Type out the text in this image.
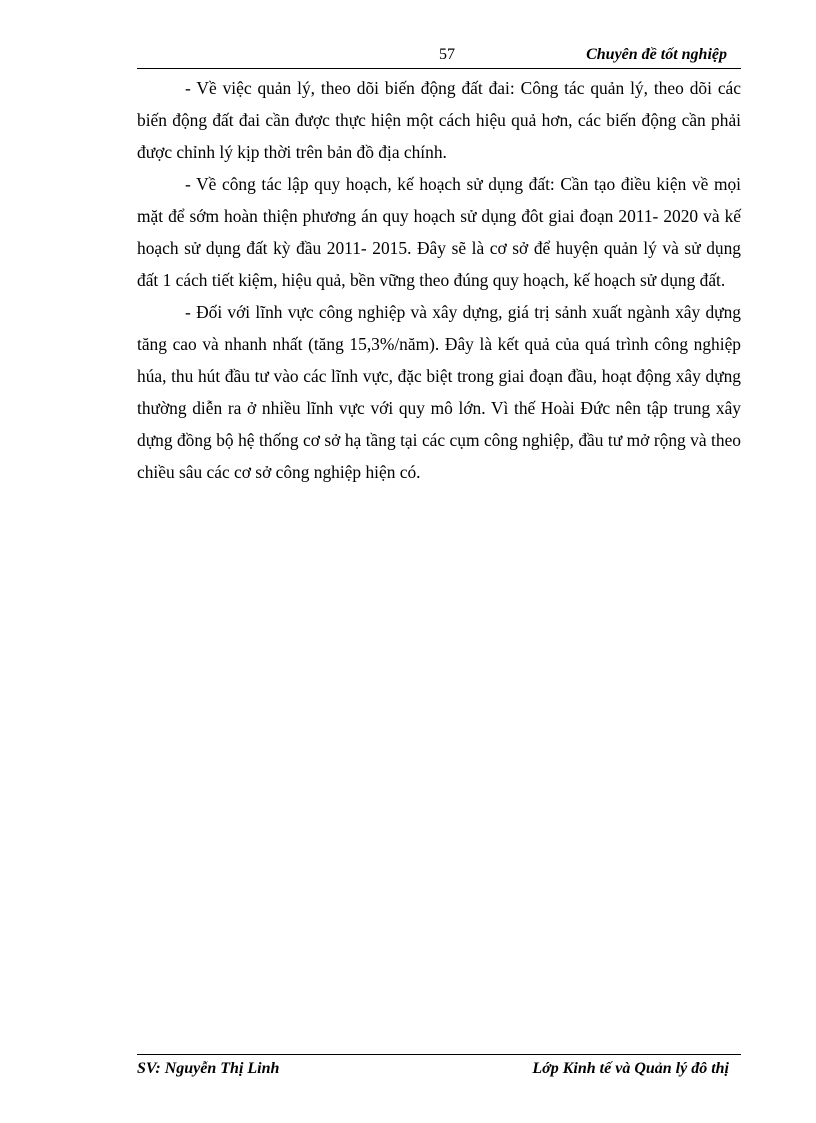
57	Chuyên đề tốt nghiệp

- Về việc quản lý, theo dõi biến động đất đai: Công tác quản lý, theo dõi các biến động đất đai cần được thực hiện một cách hiệu quả hơn, các biến động cần phải được chỉnh lý kịp thời trên bản đồ địa chính.

- Về công tác lập quy hoạch, kế hoạch sử dụng đất: Cần tạo điều kiện về mọi mặt để sớm hoàn thiện phương án quy hoạch sử dụng đôt giai đoạn 2011- 2020 và kế hoạch sử dụng đất kỳ đầu 2011- 2015. Đây sẽ là cơ sở để huyện quản lý và sử dụng đất 1 cách tiết kiệm, hiệu quả, bền vững theo đúng quy hoạch, kế hoạch sử dụng đất.

- Đối với lĩnh vực công nghiệp và xây dựng, giá trị sảnh xuất ngành xây dựng tăng cao và nhanh nhất (tăng 15,3%/năm). Đây là kết quả của quá trình công nghiệp húa, thu hút đầu tư vào các lĩnh vực, đặc biệt trong giai đoạn đầu, hoạt động xây dựng thường diễn ra ở nhiều lĩnh vực với quy mô lớn. Vì thế Hoài Đức nên tập trung xây dựng đồng bộ hệ thống cơ sở hạ tầng tại các cụm công nghiệp, đầu tư mở rộng và theo chiều sâu các cơ sở công nghiệp hiện có.

SV: Nguyễn Thị Linh	Lớp Kinh tế và Quản lý đô thị
